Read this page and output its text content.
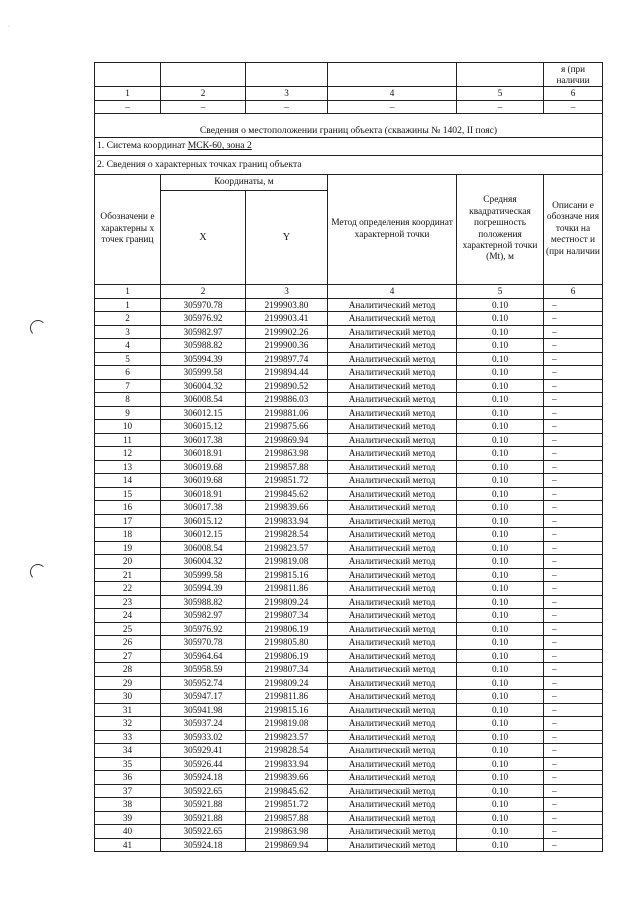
·
					я (при наличии
1	2	3	4	5	6
–	–	–	–	–	–
Сведения о местоположении границ объекта (скважины № 1402, II пояс)					
1. Система координат МСК-60, зона 2					
2. Сведения о характерных точках границ объекта					
Обозначени е характерны х точек границ	Координаты, м		Метод определения координат характерной точки	Средняя квадратическая погрешность положения характерной точки (Mt), м	Описани е обозначе ния точки на местност и (при наличии
	X	Y			
1	2	3	4	5	6
1	305970.78	2199903.80	Аналитический метод	0.10	–
2	305976.92	2199903.41	Аналитический метод	0.10	–
3	305982.97	2199902.26	Аналитический метод	0.10	–
4	305988.82	2199900.36	Аналитический метод	0.10	–
5	305994.39	2199897.74	Аналитический метод	0.10	–
6	305999.58	2199894.44	Аналитический метод	0.10	–
7	306004.32	2199890.52	Аналитический метод	0.10	–
8	306008.54	2199886.03	Аналитический метод	0.10	–
9	306012.15	2199881.06	Аналитический метод	0.10	–
10	306015.12	2199875.66	Аналитический метод	0.10	–
11	306017.38	2199869.94	Аналитический метод	0.10	–
12	306018.91	2199863.98	Аналитический метод	0.10	–
13	306019.68	2199857.88	Аналитический метод	0.10	–
14	306019.68	2199851.72	Аналитический метод	0.10	–
15	306018.91	2199845.62	Аналитический метод	0.10	–
16	306017.38	2199839.66	Аналитический метод	0.10	–
17	306015.12	2199833.94	Аналитический метод	0.10	–
18	306012.15	2199828.54	Аналитический метод	0.10	–
19	306008.54	2199823.57	Аналитический метод	0.10	–
20	306004.32	2199819.08	Аналитический метод	0.10	–
21	305999.58	2199815.16	Аналитический метод	0.10	–
22	305994.39	2199811.86	Аналитический метод	0.10	–
23	305988.82	2199809.24	Аналитический метод	0.10	–
24	305982.97	2199807.34	Аналитический метод	0.10	–
25	305976.92	2199806.19	Аналитический метод	0.10	–
26	305970.78	2199805.80	Аналитический метод	0.10	–
27	305964.64	2199806.19	Аналитический метод	0.10	–
28	305958.59	2199807.34	Аналитический метод	0.10	–
29	305952.74	2199809.24	Аналитический метод	0.10	–
30	305947.17	2199811.86	Аналитический метод	0.10	–
31	305941.98	2199815.16	Аналитический метод	0.10	–
32	305937.24	2199819.08	Аналитический метод	0.10	–
33	305933.02	2199823.57	Аналитический метод	0.10	–
34	305929.41	2199828.54	Аналитический метод	0.10	–
35	305926.44	2199833.94	Аналитический метод	0.10	–
36	305924.18	2199839.66	Аналитический метод	0.10	–
37	305922.65	2199845.62	Аналитический метод	0.10	–
38	305921.88	2199851.72	Аналитический метод	0.10	–
39	305921.88	2199857.88	Аналитический метод	0.10	–
40	305922.65	2199863.98	Аналитический метод	0.10	–
41	305924.18	2199869.94	Аналитический метод	0.10	–
